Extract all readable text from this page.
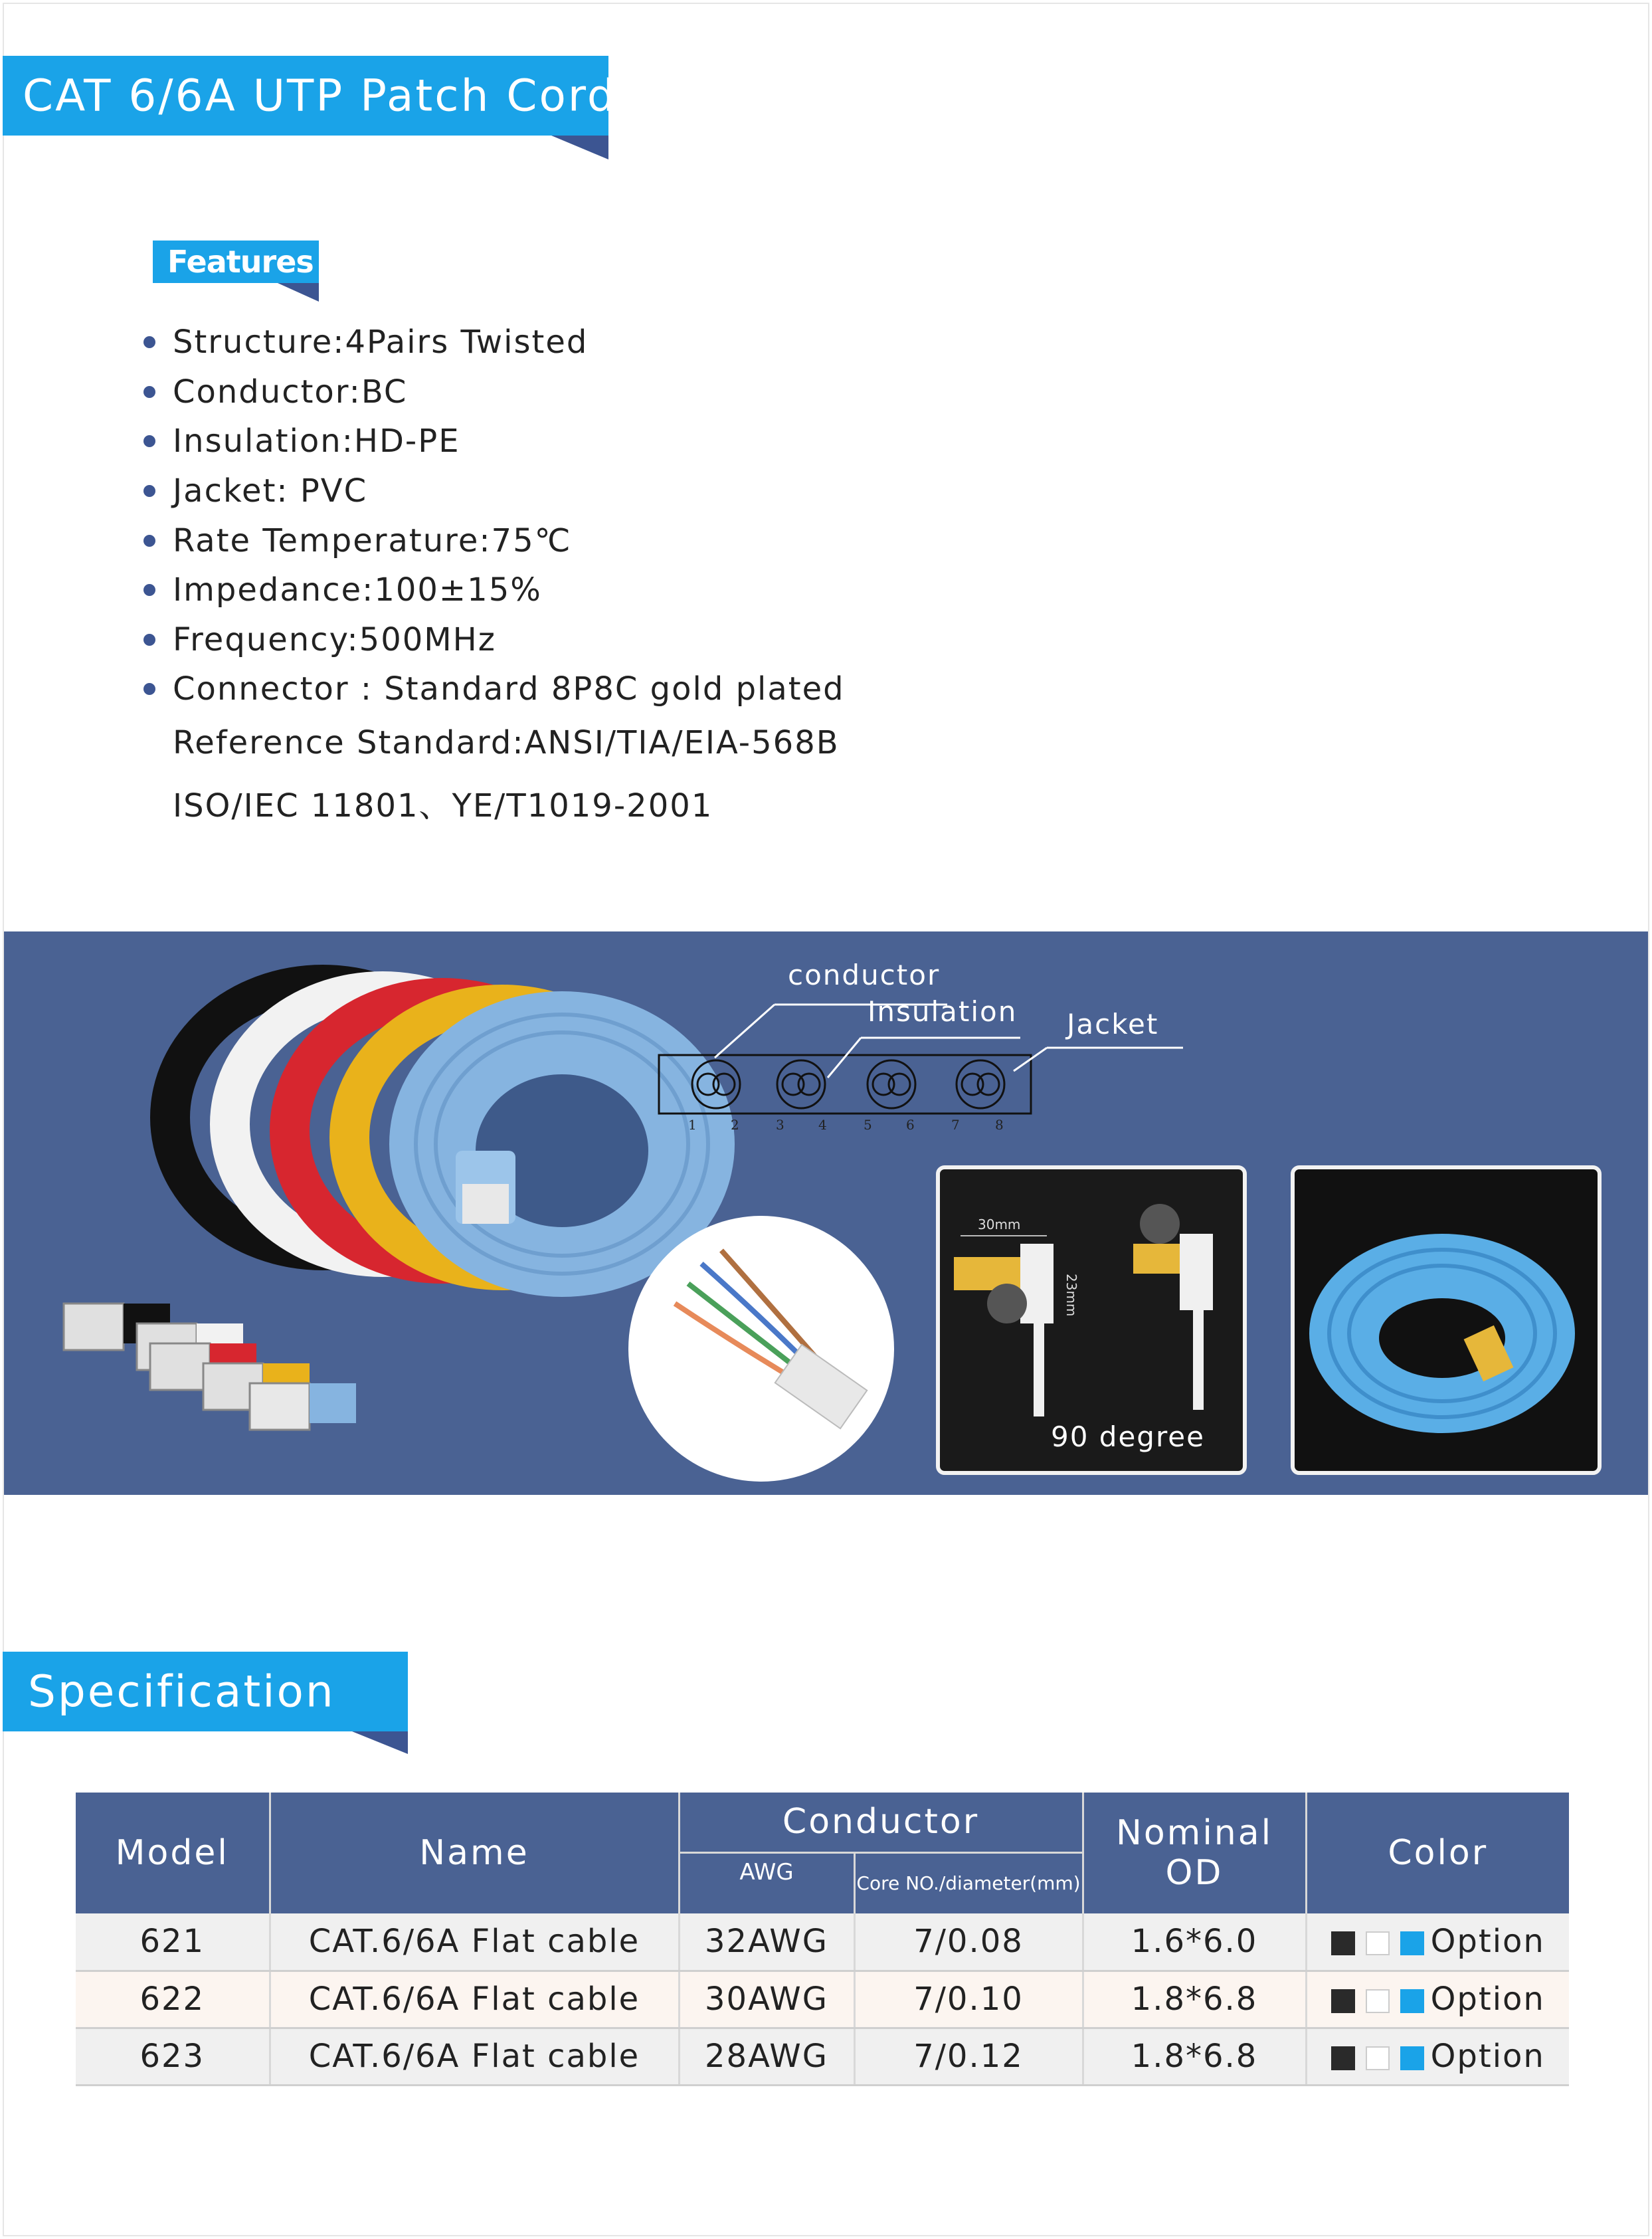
CAT 6/6A UTP Patch Cord
Features
Structure:4Pairs Twisted
Conductor:BC
Insulation:HD-PE
Jacket: PVC
Rate Temperature:75℃
Impedance:100±15%
Frequency:500MHz
Connector : Standard 8P8C gold plated
Reference Standard:ANSI/TIA/EIA-568B
ISO/IEC 11801、YE/T1019-2001
conductor
Insulation Jacket
1	2	3	4	5	6	7	8
30mm
23mm
90 degree
Specification
Model	Name	Conductor		Nominal OD	Color
		AWG	Core NO./diameter(mm)		
621	CAT.6/6A Flat cable	32AWG	7/0.08	1.6*6.0	Option
622	CAT.6/6A Flat cable	30AWG	7/0.10	1.8*6.8	Option
623	CAT.6/6A Flat cable	28AWG	7/0.12	1.8*6.8	Option
